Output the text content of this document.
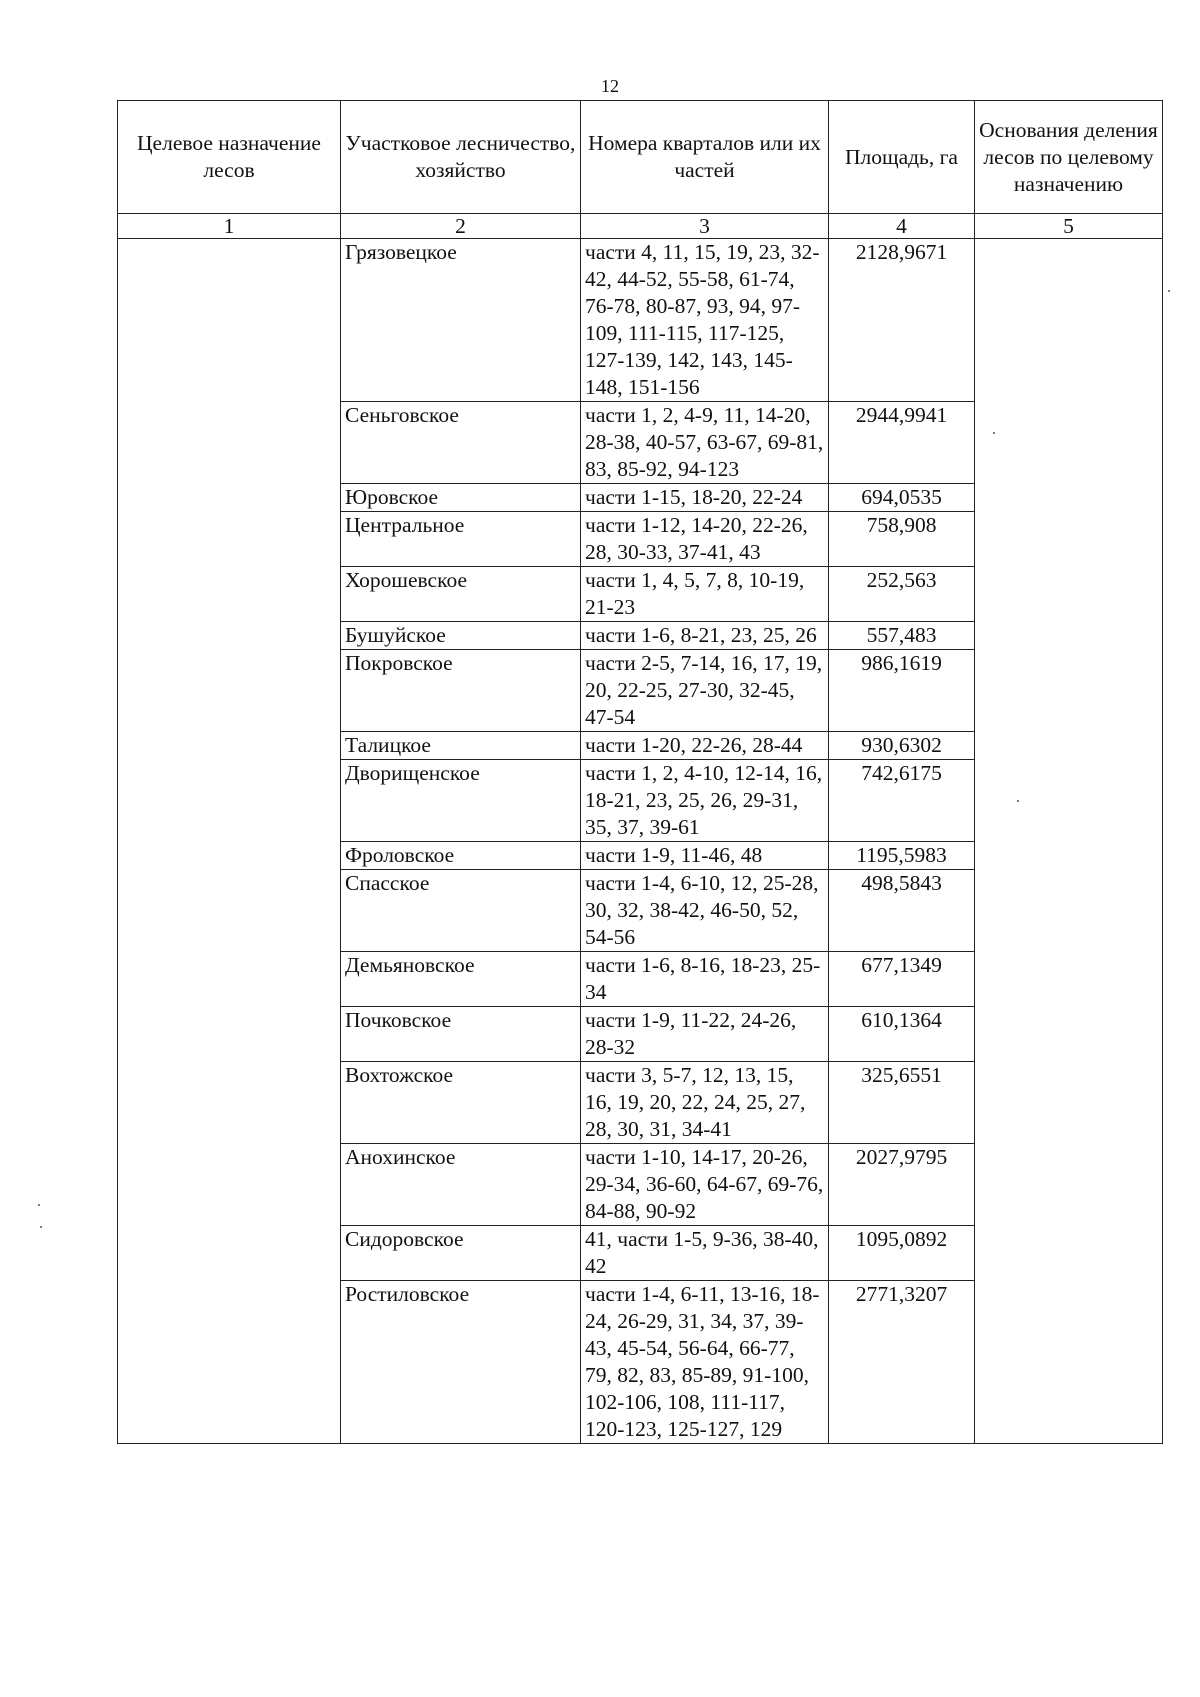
12
Целевое назначение лесов	Участковое лесничество, хозяйство	Номера кварталов или их частей	Площадь, га	Основания деления лесов по целевому назначению
1	2	3	4	5
	Грязовецкое	части 4, 11, 15, 19, 23, 32-42, 44-52, 55-58, 61-74, 76-78, 80-87, 93, 94, 97-109, 111-115, 117-125, 127-139, 142, 143, 145-148, 151-156	2128,9671	
	Сеньговское	части 1, 2, 4-9, 11, 14-20, 28-38, 40-57, 63-67, 69-81, 83, 85-92, 94-123	2944,9941	
	Юровское	части 1-15, 18-20, 22-24	694,0535	
	Центральное	части 1-12, 14-20, 22-26, 28, 30-33, 37-41, 43	758,908	
	Хорошевское	части 1, 4, 5, 7, 8, 10-19, 21-23	252,563	
	Бушуйское	части 1-6, 8-21, 23, 25, 26	557,483	
	Покровское	части 2-5, 7-14, 16, 17, 19, 20, 22-25, 27-30, 32-45, 47-54	986,1619	
	Талицкое	части 1-20, 22-26, 28-44	930,6302	
	Дворищенское	части 1, 2, 4-10, 12-14, 16, 18-21, 23, 25, 26, 29-31, 35, 37, 39-61	742,6175	
	Фроловское	части 1-9, 11-46, 48	1195,5983	
	Спасское	части 1-4, 6-10, 12, 25-28, 30, 32, 38-42, 46-50, 52, 54-56	498,5843	
	Демьяновское	части 1-6, 8-16, 18-23, 25-34	677,1349	
	Почковское	части 1-9, 11-22, 24-26, 28-32	610,1364	
	Вохтожское	части 3, 5-7, 12, 13, 15, 16, 19, 20, 22, 24, 25, 27, 28, 30, 31, 34-41	325,6551	
	Анохинское	части 1-10, 14-17, 20-26, 29-34, 36-60, 64-67, 69-76, 84-88, 90-92	2027,9795	
	Сидоровское	41, части 1-5, 9-36, 38-40, 42	1095,0892	
	Ростиловское	части 1-4, 6-11, 13-16, 18-24, 26-29, 31, 34, 37, 39-43, 45-54, 56-64, 66-77, 79, 82, 83, 85-89, 91-100, 102-106, 108, 111-117, 120-123, 125-127, 129	2771,3207	
